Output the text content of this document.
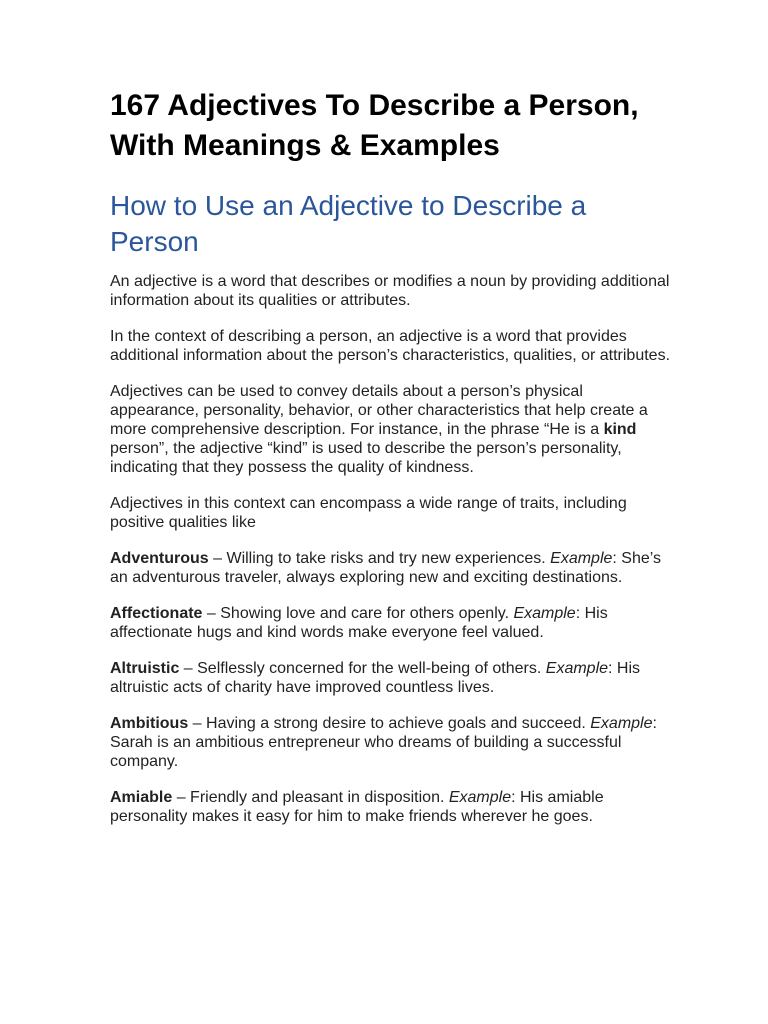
167 Adjectives To Describe a Person, With Meanings & Examples
How to Use an Adjective to Describe a Person

An adjective is a word that describes or modifies a noun by providing additional information about its qualities or attributes.

In the context of describing a person, an adjective is a word that provides additional information about the person’s characteristics, qualities, or attributes.

Adjectives can be used to convey details about a person’s physical appearance, personality, behavior, or other characteristics that help create a more comprehensive description. For instance, in the phrase “He is a kind person”, the adjective “kind” is used to describe the person’s personality, indicating that they possess the quality of kindness.

Adjectives in this context can encompass a wide range of traits, including positive qualities like

Adventurous – Willing to take risks and try new experiences. Example: She’s an adventurous traveler, always exploring new and exciting destinations.

Affectionate – Showing love and care for others openly. Example: His affectionate hugs and kind words make everyone feel valued.

Altruistic – Selflessly concerned for the well-being of others. Example: His altruistic acts of charity have improved countless lives.

Ambitious – Having a strong desire to achieve goals and succeed. Example: Sarah is an ambitious entrepreneur who dreams of building a successful company.

Amiable – Friendly and pleasant in disposition. Example: His amiable personality makes it easy for him to make friends wherever he goes.
